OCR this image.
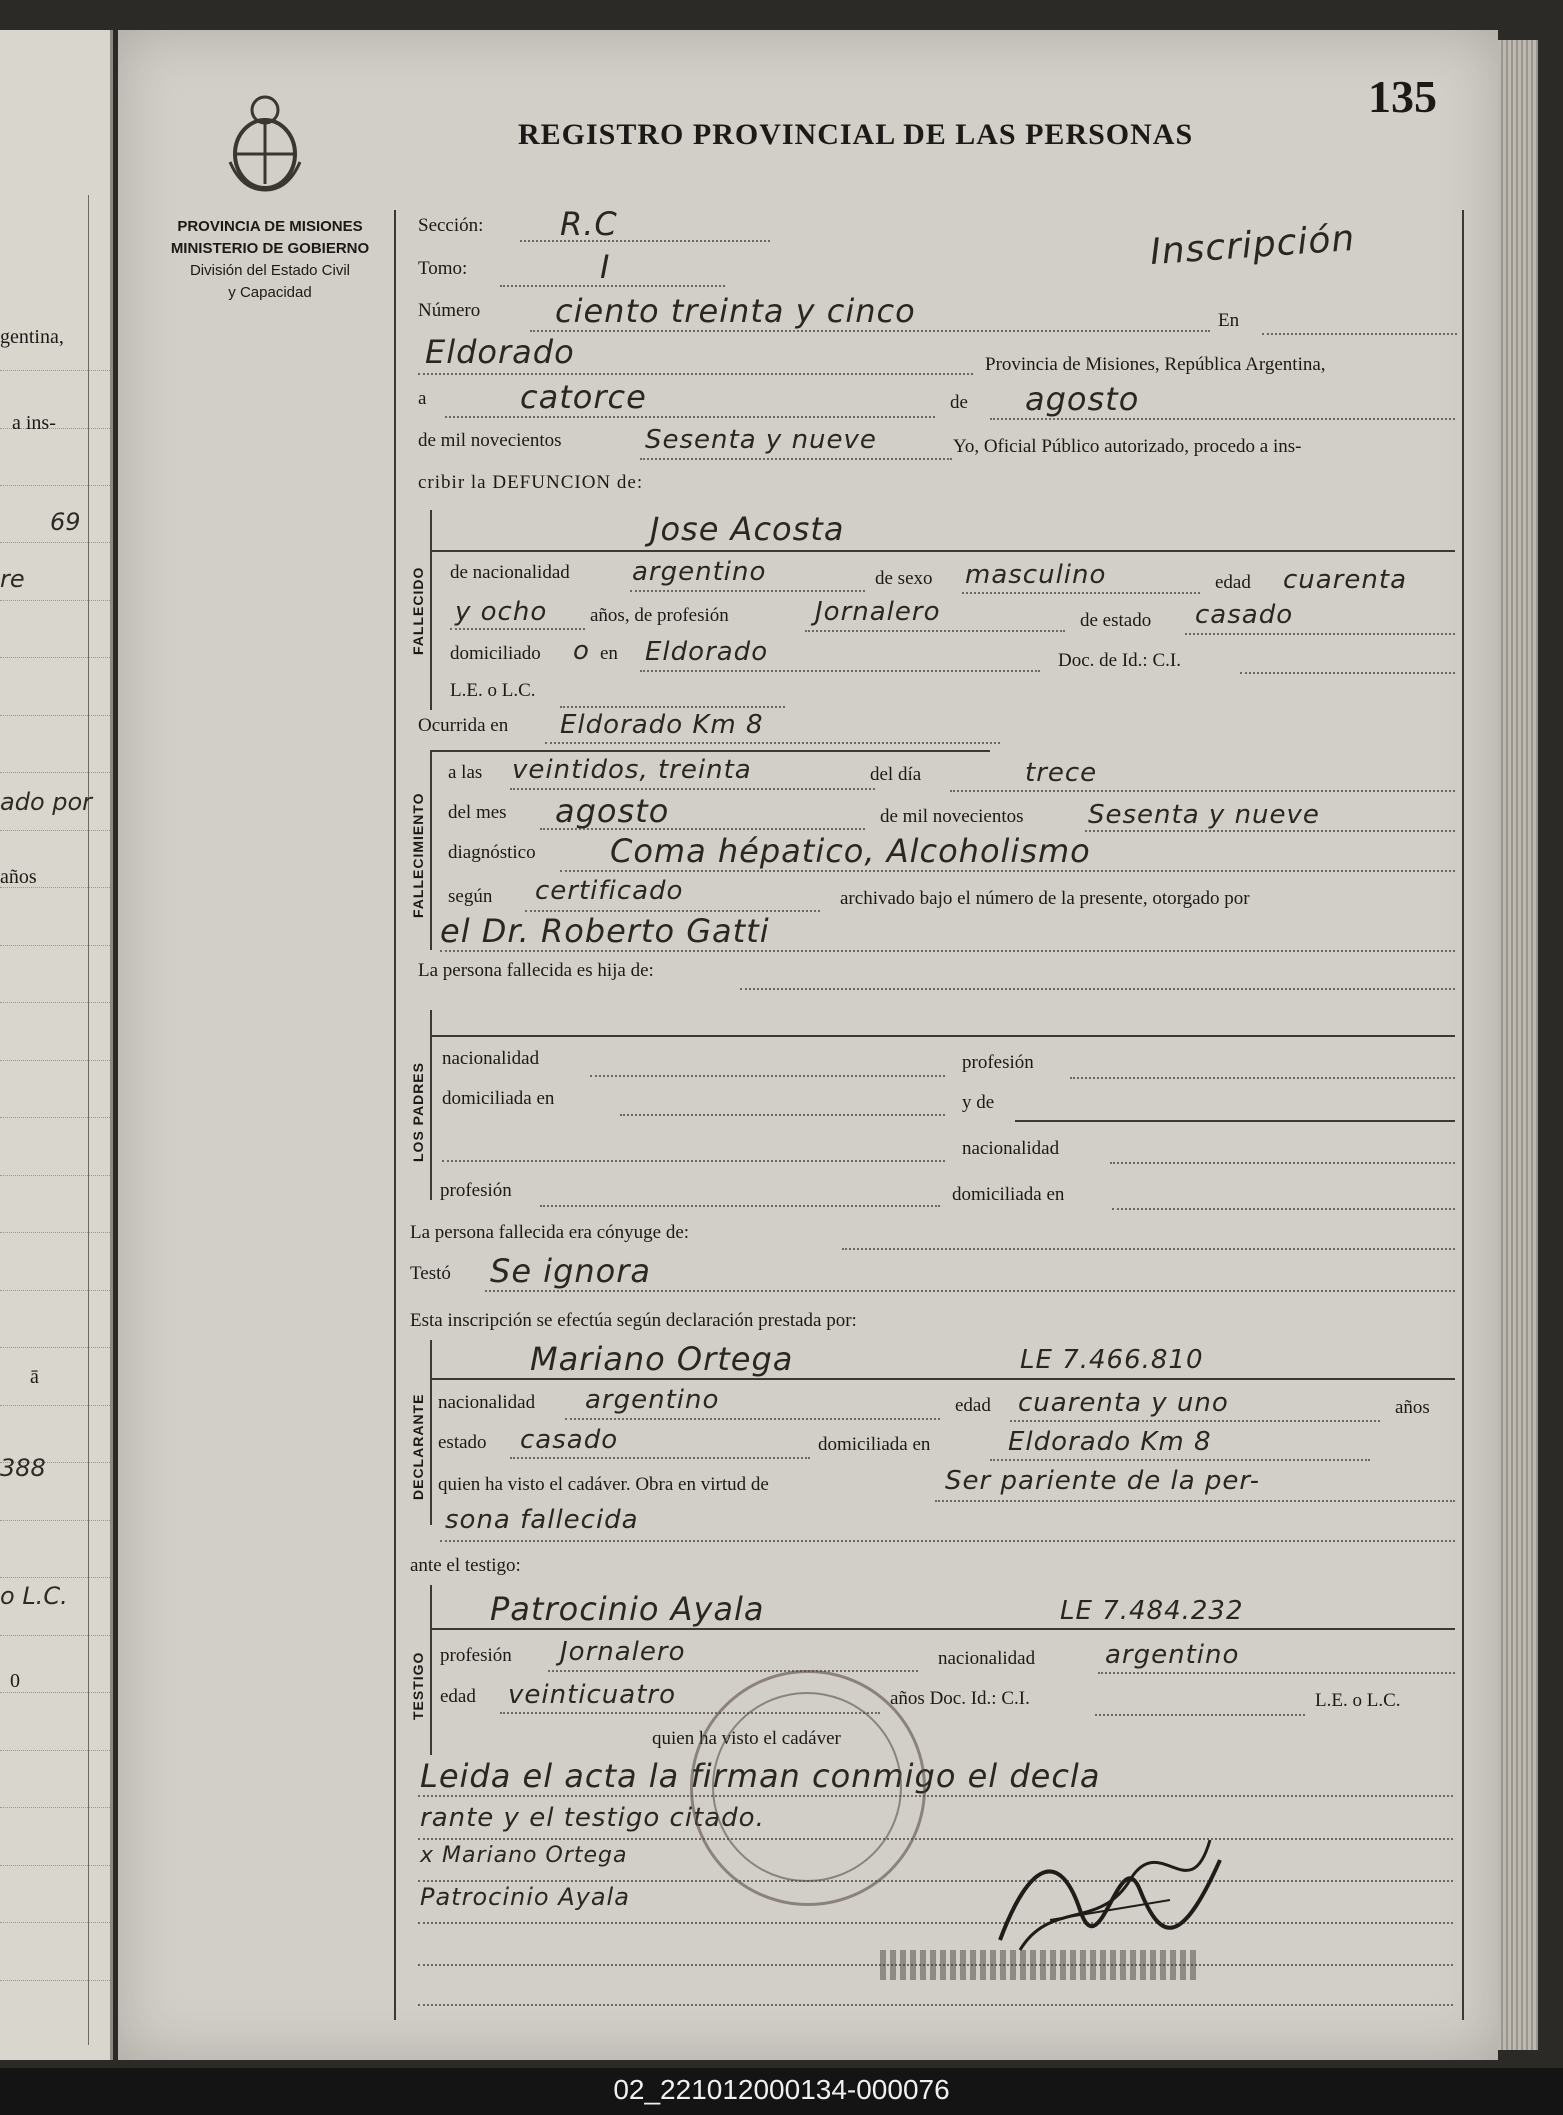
gentina,
a ins-
69
re
ado por
años
ā
388
o L.C.
0
PROVINCIA DE MISIONES
MINISTERIO DE GOBIERNO
División del Estado Civil
y Capacidad
REGISTRO PROVINCIAL DE LAS PERSONAS
135
Inscripción
Sección: R.C
Tomo:	I
Número ciento treinta y cinco	En
Eldorado	Provincia de Misiones, República Argentina,
a	catorce	de agosto
de mil novecientos	Sesenta y nueve	Yo, Oficial Público autorizado, procedo a ins-
cribir la DEFUNCION de:
FALLECIDO
Jose Acosta
de nacionalidad argentino	de sexo masculino	edad cuarenta
y ocho años, de profesión	Jornalero	de estado casado
domiciliado o en Eldorado	Doc. de Id.: C.I.
L.E. o L.C.
Ocurrida en Eldorado Km 8
FALLECIMIENTO
a las veintidos, treinta	del día	trece
del mes agosto	de mil novecientos Sesenta y nueve
diagnóstico Coma hépatico, Alcoholismo
según certificado	archivado bajo el número de la presente, otorgado por
el Dr. Roberto Gatti
La persona fallecida es hija de:
LOS PADRES
nacionalidad	profesión
domiciliada en	y de
nacionalidad
profesión	domiciliada en
La persona fallecida era cónyuge de:
Testó Se ignora
Esta inscripción se efectúa según declaración prestada por:
DECLARANTE
Mariano Ortega	LE 7.466.810
nacionalidad argentino	edad cuarenta y uno	años
estado casado	domiciliada en	Eldorado Km 8
quien ha visto el cadáver. Obra en virtud de	Ser pariente de la per-
sona fallecida
ante el testigo:
TESTIGO
Patrocinio Ayala	LE 7.484.232
profesión Jornalero	nacionalidad	argentino
edad veinticuatro	años Doc. Id.: C.I.	L.E. o L.C.
quien ha visto el cadáver
Leida el acta la firman conmigo el decla
rante y el testigo citado.
x Mariano Ortega
Patrocinio Ayala
02_221012000134-000076
